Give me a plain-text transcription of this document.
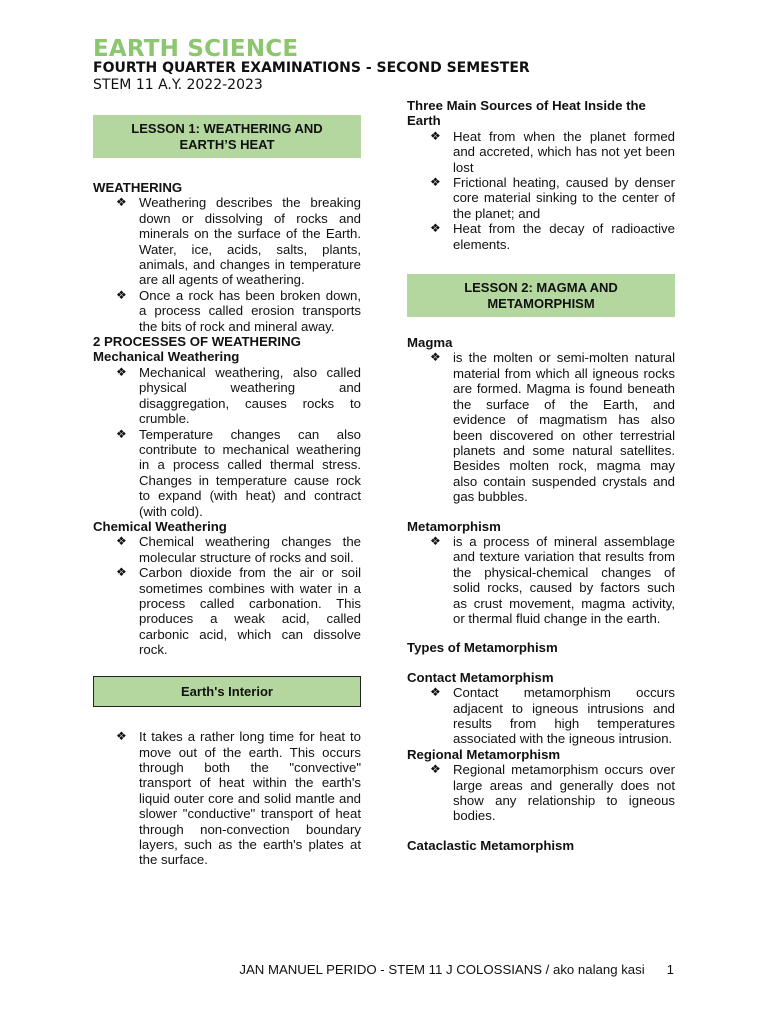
EARTH SCIENCE
FOURTH QUARTER EXAMINATIONS - SECOND SEMESTER
STEM 11 A.Y. 2022-2023
LESSON 1: WEATHERING AND EARTH’S HEAT
WEATHERING
❖ Weathering describes the breaking down or dissolving of rocks and minerals on the surface of the Earth. Water, ice, acids, salts, plants, animals, and changes in temperature are all agents of weathering.
❖ Once a rock has been broken down, a process called erosion transports the bits of rock and mineral away.
2 PROCESSES OF WEATHERING
Mechanical Weathering
❖ Mechanical weathering, also called physical weathering and disaggregation, causes rocks to crumble.
❖ Temperature changes can also contribute to mechanical weathering in a process called thermal stress. Changes in temperature cause rock to expand (with heat) and contract (with cold).
Chemical Weathering
❖ Chemical weathering changes the molecular structure of rocks and soil.
❖ Carbon dioxide from the air or soil sometimes combines with water in a process called carbonation. This produces a weak acid, called carbonic acid, which can dissolve rock.
Earth's Interior
❖ It takes a rather long time for heat to move out of the earth. This occurs through both the "convective" transport of heat within the earth's liquid outer core and solid mantle and slower "conductive" transport of heat through non-convection boundary layers, such as the earth's plates at the surface.
Three Main Sources of Heat Inside the Earth
❖ Heat from when the planet formed and accreted, which has not yet been lost
❖ Frictional heating, caused by denser core material sinking to the center of the planet; and
❖ Heat from the decay of radioactive elements.
LESSON 2: MAGMA AND METAMORPHISM
Magma
❖ is the molten or semi-molten natural material from which all igneous rocks are formed. Magma is found beneath the surface of the Earth, and evidence of magmatism has also been discovered on other terrestrial planets and some natural satellites. Besides molten rock, magma may also contain suspended crystals and gas bubbles.
Metamorphism
❖ is a process of mineral assemblage and texture variation that results from the physical-chemical changes of solid rocks, caused by factors such as crust movement, magma activity, or thermal fluid change in the earth.
Types of Metamorphism
Contact Metamorphism
❖ Contact metamorphism occurs adjacent to igneous intrusions and results from high temperatures associated with the igneous intrusion.
Regional Metamorphism
❖ Regional metamorphism occurs over large areas and generally does not show any relationship to igneous bodies.
Cataclastic Metamorphism
JAN MANUEL PERIDO - STEM 11 J COLOSSIANS / ako nalang kasi 1
